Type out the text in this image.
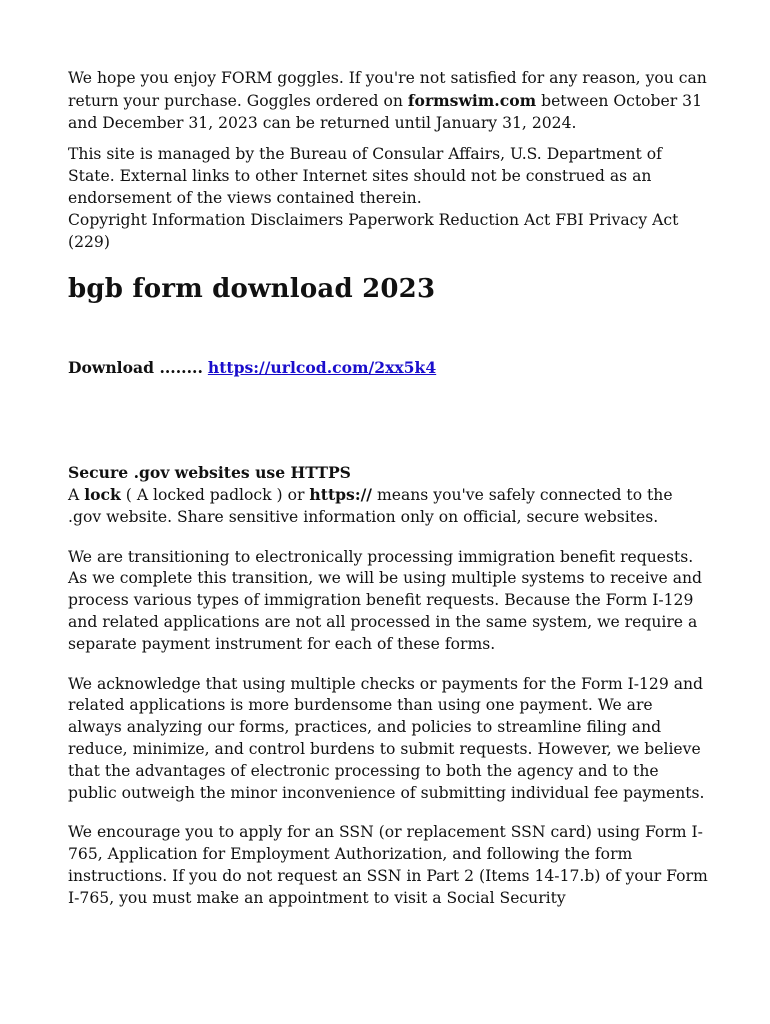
We hope you enjoy FORM goggles. If you're not satisfied for any reason, you can return your purchase. Goggles ordered on formswim.com between October 31 and December 31, 2023 can be returned until January 31, 2024.

This site is managed by the Bureau of Consular Affairs, U.S. Department of State. External links to other Internet sites should not be construed as an endorsement of the views contained therein.

Copyright Information Disclaimers Paperwork Reduction Act FBI Privacy Act (229)

bgb form download 2023

Download ........ https://urlcod.com/2xx5k4

Secure .gov websites use HTTPS

A lock ( A locked padlock ) or https:// means you've safely connected to the .gov website. Share sensitive information only on official, secure websites.

We are transitioning to electronically processing immigration benefit requests. As we complete this transition, we will be using multiple systems to receive and process various types of immigration benefit requests. Because the Form I-129 and related applications are not all processed in the same system, we require a separate payment instrument for each of these forms.

We acknowledge that using multiple checks or payments for the Form I-129 and related applications is more burdensome than using one payment. We are always analyzing our forms, practices, and policies to streamline filing and reduce, minimize, and control burdens to submit requests. However, we believe that the advantages of electronic processing to both the agency and to the public outweigh the minor inconvenience of submitting individual fee payments.

We encourage you to apply for an SSN (or replacement SSN card) using Form I-765, Application for Employment Authorization, and following the form instructions. If you do not request an SSN in Part 2 (Items 14-17.b) of your Form I-765, you must make an appointment to visit a Social Security
